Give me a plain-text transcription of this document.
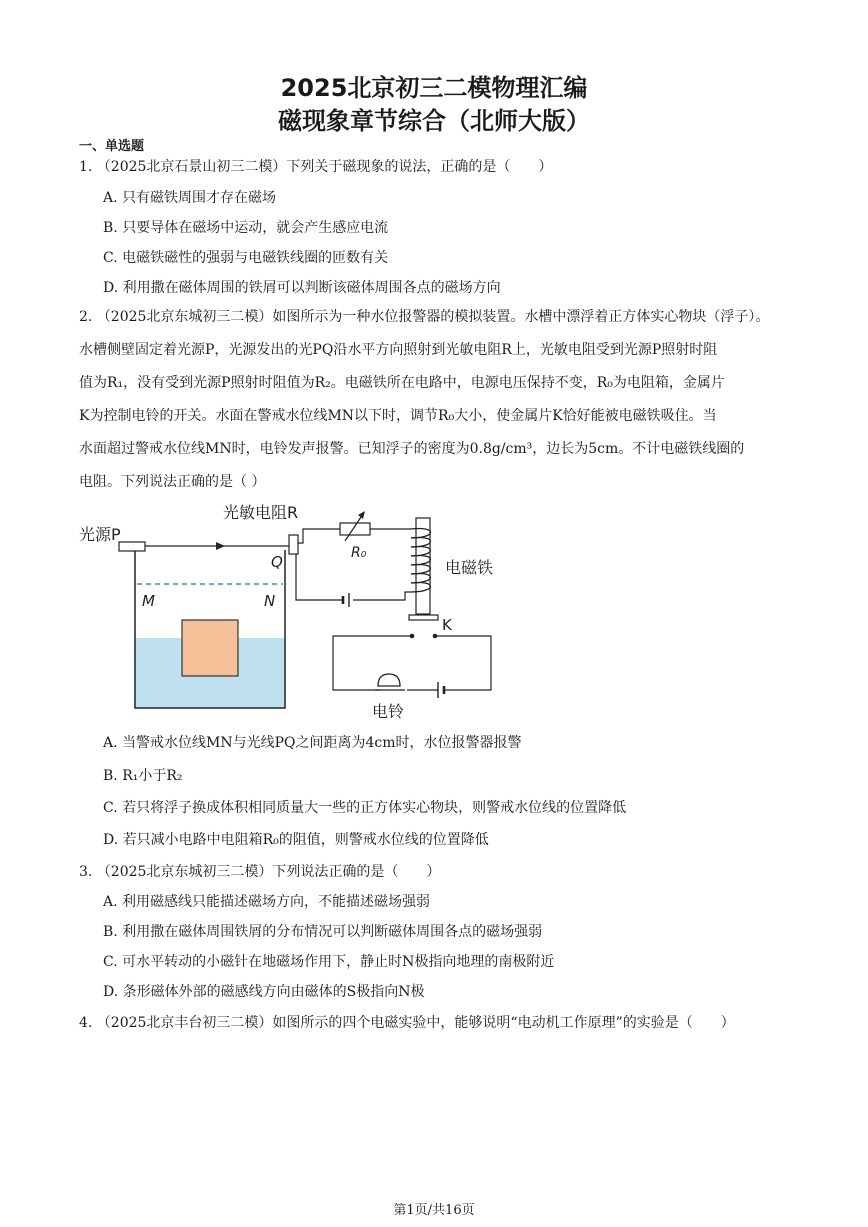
2025北京初三二模物理汇编
磁现象章节综合（北师大版）
一、单选题
1. （2025北京石景山初三二模）下列关于磁现象的说法，正确的是（　　）
A. 只有磁铁周围才存在磁场
B. 只要导体在磁场中运动，就会产生感应电流
C. 电磁铁磁性的强弱与电磁铁线圈的匝数有关
D. 利用撒在磁体周围的铁屑可以判断该磁体周围各点的磁场方向
2. （2025北京东城初三二模）如图所示为一种水位报警器的模拟装置。水槽中漂浮着正方体实心物块（浮子）。
水槽侧壁固定着光源P，光源发出的光PQ沿水平方向照射到光敏电阻R上，光敏电阻受到光源P照射时阻
值为R₁，没有受到光源P照射时阻值为R₂。电磁铁所在电路中，电源电压保持不变，R₀为电阻箱，金属片
K为控制电铃的开关。水面在警戒水位线MN以下时，调节R₀大小，使金属片K恰好能被电磁铁吸住。当
水面超过警戒水位线MN时，电铃发声报警。已知浮子的密度为0.8g/cm³，边长为5cm。不计电磁铁线圈的
电阻。下列说法正确的是（ ）
光源P
光敏电阻R
R₀
Q	电磁铁
M	N
K
电铃
A. 当警戒水位线MN与光线PQ之间距离为4cm时，水位报警器报警
B. R₁小于R₂
C. 若只将浮子换成体积相同质量大一些的正方体实心物块，则警戒水位线的位置降低
D. 若只减小电路中电阻箱R₀的阻值，则警戒水位线的位置降低
3. （2025北京东城初三二模）下列说法正确的是（　　）
A. 利用磁感线只能描述磁场方向，不能描述磁场强弱
B. 利用撒在磁体周围铁屑的分布情况可以判断磁体周围各点的磁场强弱
C. 可水平转动的小磁针在地磁场作用下，静止时N极指向地理的南极附近
D. 条形磁体外部的磁感线方向由磁体的S极指向N极
4. （2025北京丰台初三二模）如图所示的四个电磁实验中，能够说明“电动机工作原理”的实验是（　　）
第1页/共16页
